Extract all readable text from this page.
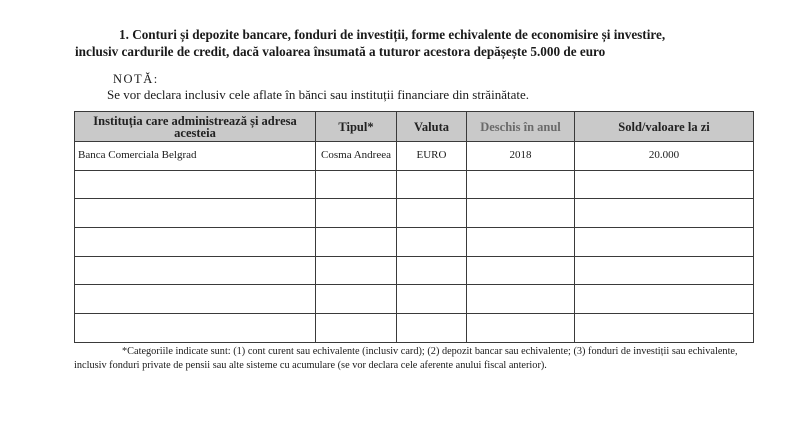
1. Conturi și depozite bancare, fonduri de investiții, forme echivalente de economisire și investire,
inclusiv cardurile de credit, dacă valoarea însumată a tuturor acestora depășește 5.000 de euro
NOTĂ:
Se vor declara inclusiv cele aflate în bănci sau instituții financiare din străinătate.
Instituția care administrează și adresa acesteia	Tipul*	Valuta	Deschis în anul	Sold/valoare la zi
Banca Comerciala Belgrad	Cosma Andreea	EURO	2018	20.000

*Categoriile indicate sunt: (1) cont curent sau echivalente (inclusiv card); (2) depozit bancar sau echivalente; (3) fonduri de investiții sau echivalente, inclusiv fonduri private de pensii sau alte sisteme cu acumulare (se vor declara cele aferente anului fiscal anterior).
